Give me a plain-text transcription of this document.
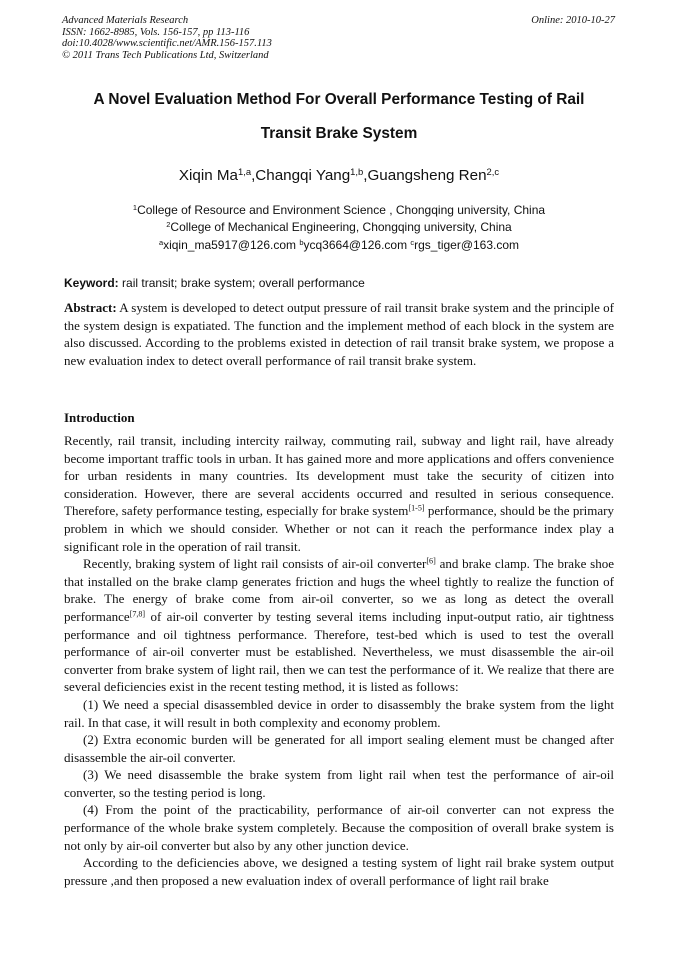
Advanced Materials Research
ISSN: 1662-8985, Vols. 156-157, pp 113-116
doi:10.4028/www.scientific.net/AMR.156-157.113
© 2011 Trans Tech Publications Ltd, Switzerland
Online: 2010-10-27
A Novel Evaluation Method For Overall Performance Testing of Rail
Transit Brake System
Xiqin Ma$^{1,a}$,Changqi Yang$^{1,b}$,Guangsheng Ren$^{2,c}$
$^1$College of Resource and Environment Science , Chongqing university, China
$^2$College of Mechanical Engineering, Chongqing university, China
$^a$xiqin_ma5917@126.com $^b$ycq3664@126.com $^c$rgs_tiger@163.com
Keyword: rail transit; brake system; overall performance

Abstract: A system is developed to detect output pressure of rail transit brake system and the principle of the system design is expatiated. The function and the implement method of each block in the system are also discussed. According to the problems existed in detection of rail transit brake system, we propose a new evaluation index to detect overall performance of rail transit brake system.

Introduction

Recently, rail transit, including intercity railway, commuting rail, subway and light rail, have already become important traffic tools in urban. It has gained more and more applications and offers convenience for urban residents in many countries. Its development must take the security of citizen into consideration. However, there are several accidents occurred and resulted in serious consequence. Therefore, safety performance testing, especially for brake system[1-5] performance, should be the primary problem in which we should consider. Whether or not can it reach the performance index play a significant role in the operation of rail transit.

Recently, braking system of light rail consists of air-oil converter[6] and brake clamp. The brake shoe that installed on the brake clamp generates friction and hugs the wheel tightly to realize the function of brake. The energy of brake come from air-oil converter, so we as long as detect the overall performance[7,8] of air-oil converter by testing several items including input-output ratio, air tightness performance and oil tightness performance. Therefore, test-bed which is used to test the overall performance of air-oil converter must be established. Nevertheless, we must disassemble the air-oil converter from brake system of light rail, then we can test the performance of it. We realize that there are several deficiencies exist in the recent testing method, it is listed as follows:

(1) We need a special disassembled device in order to disassembly the brake system from the light rail. In that case, it will result in both complexity and economy problem.

(2) Extra economic burden will be generated for all import sealing element must be changed after disassemble the air-oil converter.

(3) We need disassemble the brake system from light rail when test the performance of air-oil converter, so the testing period is long.

(4) From the point of the practicability, performance of air-oil converter can not express the performance of the whole brake system completely. Because the composition of overall brake system is not only by air-oil converter but also by any other junction device.

According to the deficiencies above, we designed a testing system of light rail brake system output pressure ,and then proposed a new evaluation index of overall performance of light rail brake
